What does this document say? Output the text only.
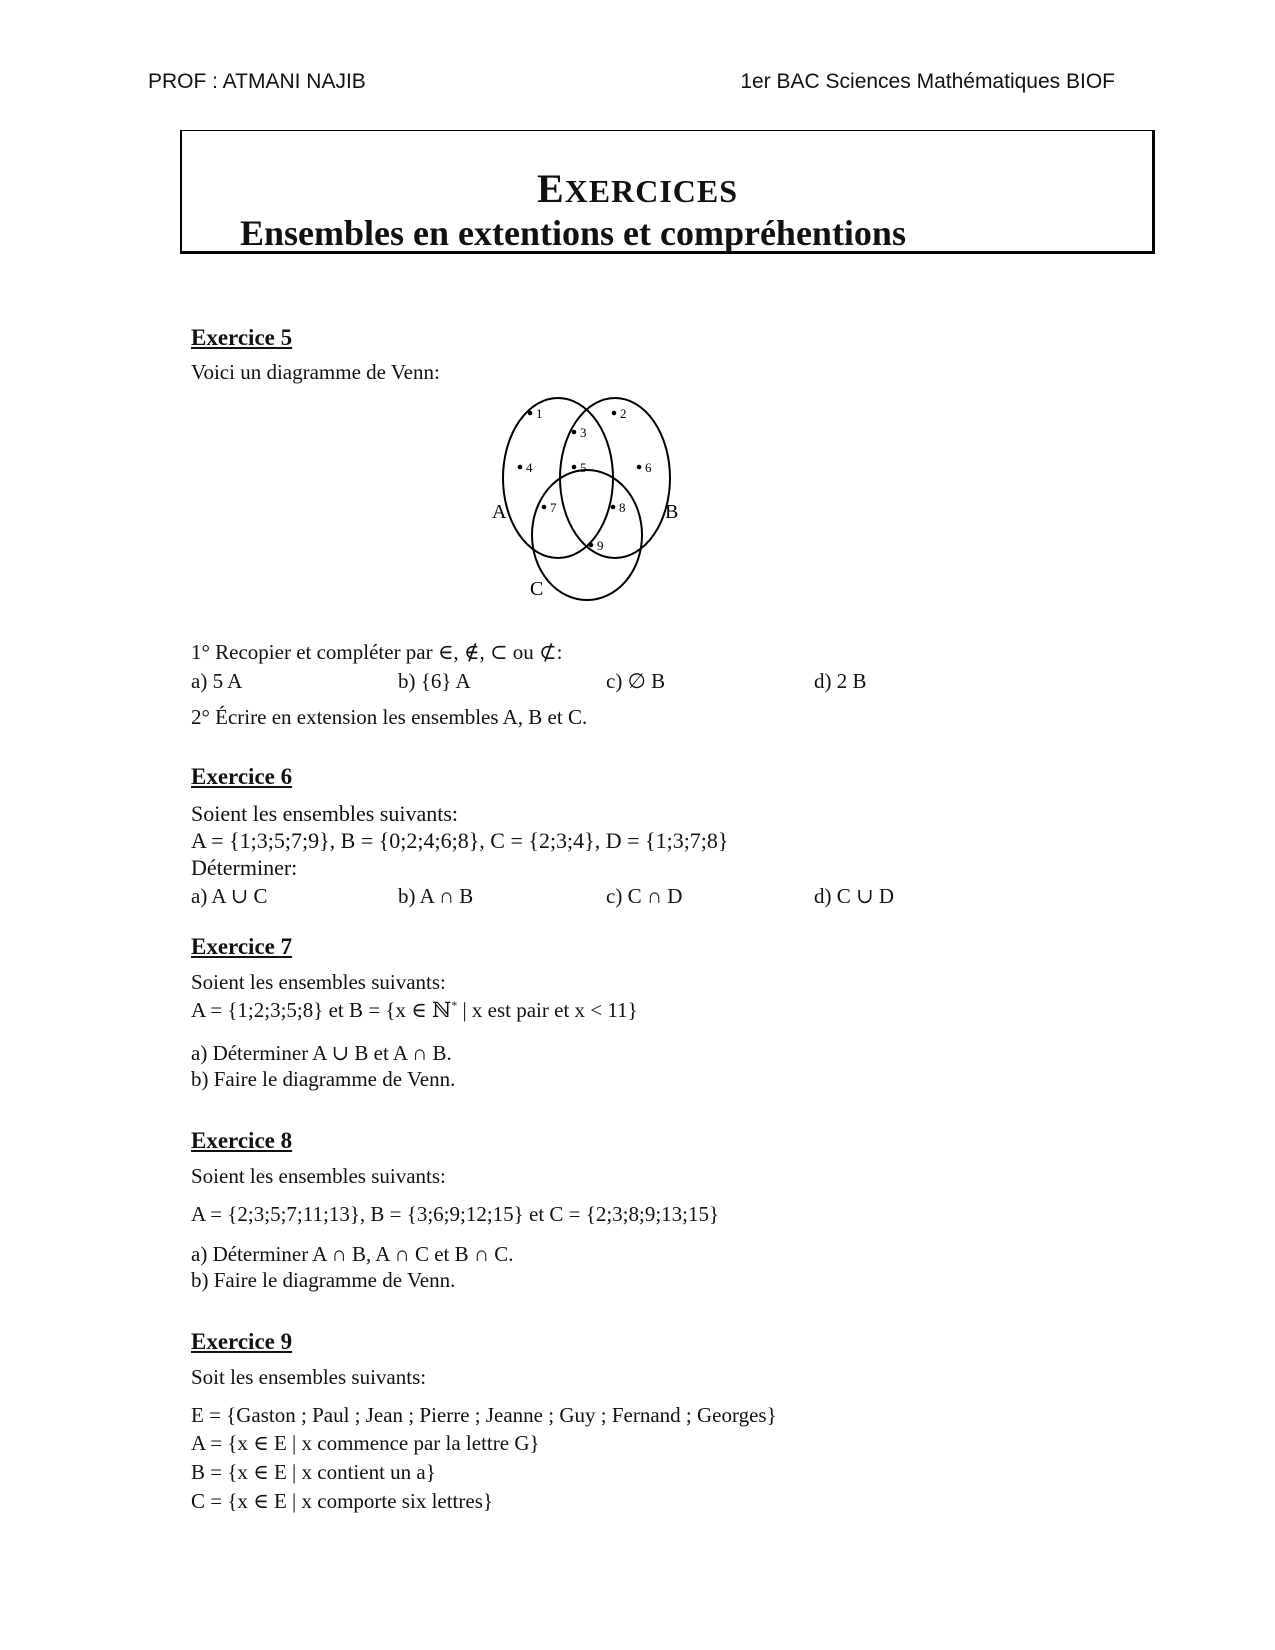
PROF : ATMANI NAJIB	1er BAC Sciences Mathématiques BIOF
EXERCICES
Ensembles en extentions et compréhentions
Exercice 5
Voici un diagramme de Venn:
A	B
C
1	2
3
4	5	6
7	8
9
1° Recopier et compléter par ∈, ∉, ⊂ ou ⊄:
a) 5 A	b) {6} A	c) ∅ B	d) 2 B
2° Écrire en extension les ensembles A, B et C.
Exercice 6
Soient les ensembles suivants:
A = {1;3;5;7;9}, B = {0;2;4;6;8}, C = {2;3;4}, D = {1;3;7;8}
Déterminer:
a) A ∪ C	b) A ∩ B	c) C ∩ D	d) C ∪ D
Exercice 7
Soient les ensembles suivants:
A = {1;2;3;5;8} et B = {x ∈ ℕ* | x est pair et x < 11}
a) Déterminer A ∪ B et A ∩ B.
b) Faire le diagramme de Venn.
Exercice 8
Soient les ensembles suivants:
A = {2;3;5;7;11;13}, B = {3;6;9;12;15} et C = {2;3;8;9;13;15}
a) Déterminer A ∩ B, A ∩ C et B ∩ C.
b) Faire le diagramme de Venn.
Exercice 9
Soit les ensembles suivants:
E = {Gaston ; Paul ; Jean ; Pierre ; Jeanne ; Guy ; Fernand ; Georges}
A = {x ∈ E | x commence par la lettre G}
B = {x ∈ E | x contient un a}
C = {x ∈ E | x comporte six lettres}
